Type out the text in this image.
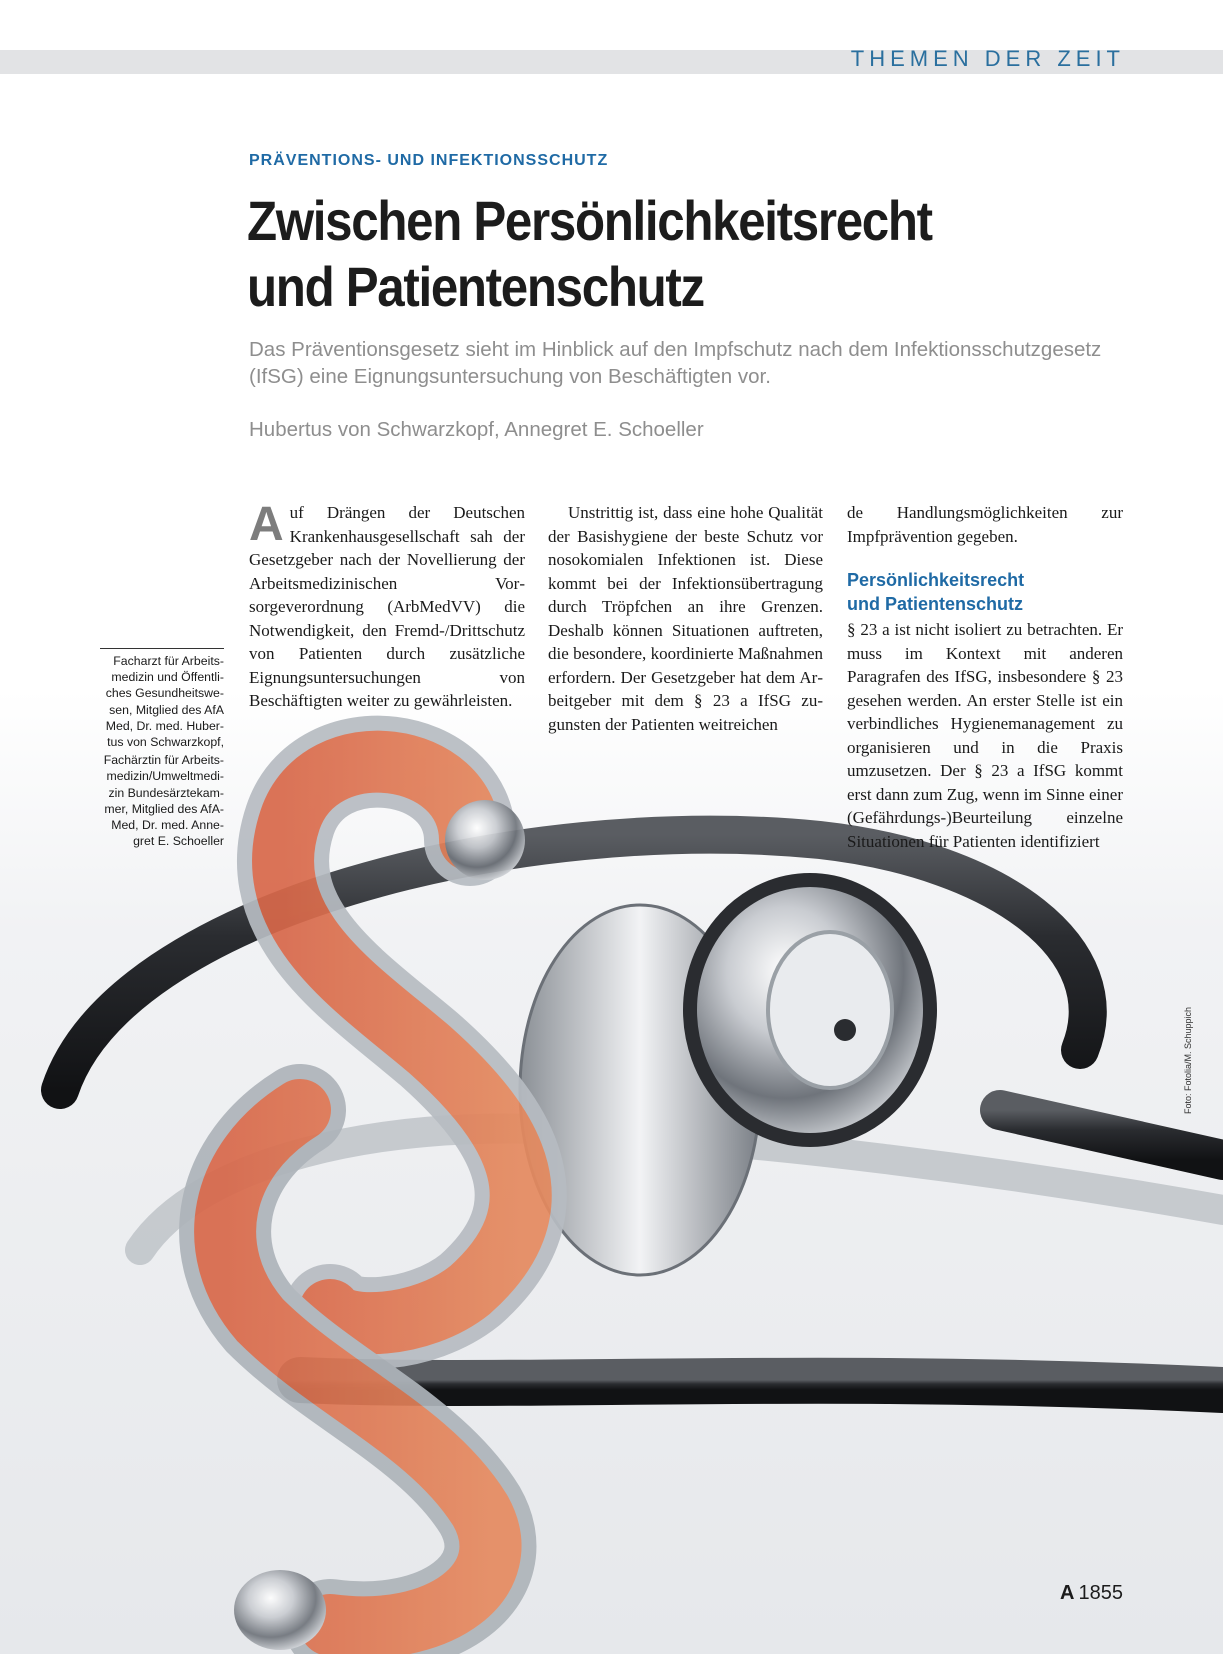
THEMEN DER ZEIT
PRÄVENTIONS- UND INFEKTIONSSCHUTZ
Zwischen Persönlichkeitsrecht
und Patientenschutz

Das Präventionsgesetz sieht im Hinblick auf den Impfschutz nach dem Infektionsschutzgesetz (IfSG) eine Eignungsuntersuchung von Beschäftigten vor.

Hubertus von Schwarzkopf, Annegret E. Schoeller

Auf Drängen der Deutschen Krankenhausgesellschaft sah der Gesetzgeber nach der Novellierung der Arbeitsmedizinischen Vorsorgeverordnung (ArbMedVV) die Notwendigkeit, den Fremd-/Drittschutz von Patienten durch zusätzliche Eignungsuntersuchungen von Beschäftigten weiter zu gewährleisten.

Unstrittig ist, dass eine hohe Qualität der Basishygiene der beste Schutz vor nosokomialen Infektionen ist. Diese kommt bei der Infektionsübertragung durch Tröpfchen an ihre Grenzen. Deshalb können Situationen auftreten, die besondere, koordinierte Maßnahmen erfordern. Der Gesetzgeber hat dem Arbeitgeber mit dem § 23 a IfSG zugunsten der Patienten weitreichen

de Handlungsmöglichkeiten zur Impfprävention gegeben.

Persönlichkeitsrecht
und Patientenschutz

§ 23 a ist nicht isoliert zu betrachten. Er muss im Kontext mit anderen Paragrafen des IfSG, insbesondere § 23 gesehen werden. An erster Stelle ist ein verbindliches Hygienemanagement zu organisieren und in die Praxis umzusetzen. Der § 23 a IfSG kommt erst dann zum Zug, wenn im Sinne einer (Gefährdungs-)Beurteilung einzelne Situationen für Patienten identifiziert

Facharzt für Arbeitsmedizin und Öffentliches Gesundheitswesen, Mitglied des AfA Med, Dr. med. Hubertus von Schwarzkopf,

Fachärztin für Arbeitsmedizin/Umweltmedizin Bundesärztekammer, Mitglied des AfA-Med, Dr. med. Annegret E. Schoeller

Foto: Fotolia/M. Schuppich
A 1855
